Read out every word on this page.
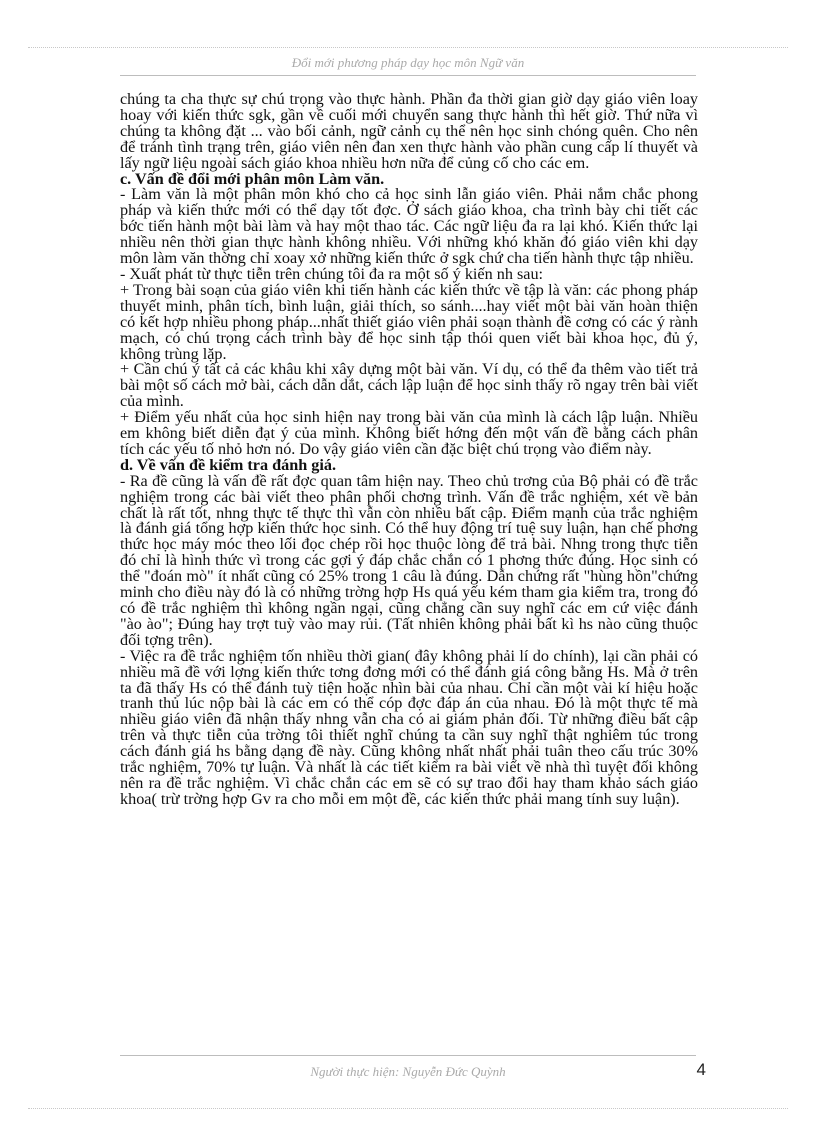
Đổi mới phương pháp dạy học môn Ngữ văn

chúng ta cha thực sự chú trọng vào thực hành. Phần đa thời gian giờ dạy giáo viên loay hoay với kiến thức sgk, gần về cuối mới chuyển sang thực hành thì hết giờ. Thứ nữa vì chúng ta không đặt ... vào bối cảnh, ngữ cảnh cụ thể nên học sinh chóng quên. Cho nên để tránh tình trạng trên, giáo viên nên đan xen thực hành vào phần cung cấp lí thuyết và lấy ngữ liệu ngoài sách giáo khoa nhiều hơn nữa để củng cố cho các em.

c. Vấn đề đổi mới phân môn Làm văn.

- Làm văn là một phân môn khó cho cả học sinh lẫn giáo viên. Phải nắm chắc phong pháp và kiến thức mới có thể dạy tốt đợc. Ở sách giáo khoa, cha trình bày chi tiết các bớc tiến hành một bài làm và hay một thao tác. Các ngữ liệu đa ra lại khó. Kiến thức lại nhiều nên thời gian thực hành không nhiều. Với những khó khăn đó giáo viên khi dạy môn làm văn thờng chỉ xoay xở những kiến thức ở sgk chứ cha tiến hành thực tập nhiều.

- Xuất phát từ thực tiễn trên chúng tôi đa ra một số ý kiến nh sau:

+ Trong bài soạn của giáo viên khi tiến hành các kiến thức về tập là văn: các phong pháp thuyết minh, phân tích, bình luận, giải thích, so sánh....hay viết một bài văn hoàn thiện có kết hợp nhiều phong pháp...nhất thiết giáo viên phải soạn thành đề cơng có các ý rành mạch, có chú trọng cách trình bày để học sinh tập thói quen viết bài khoa học, đủ ý, không trùng lặp.

+ Cần chú ý tất cả các khâu khi xây dựng một bài văn. Ví dụ, có thể đa thêm vào tiết trả bài một số cách mở bài, cách dẫn dắt, cách lập luận để học sinh thấy rõ ngay trên bài viết của mình.

+ Điểm yếu nhất của học sinh hiện nay trong bài văn của mình là cách lập luận. Nhiều em không biết diễn đạt ý của mình. Không biết hớng đến một vấn đề bằng cách phân tích các yếu tố nhỏ hơn nó. Do vậy giáo viên cần đặc biệt chú trọng vào điểm này.

d. Về vấn đề kiểm tra đánh giá.

- Ra đề cũng là vấn đề rất đợc quan tâm hiện nay. Theo chủ trơng của Bộ phải có đề trắc nghiệm trong các bài viết theo phân phối chơng trình. Vấn đề trắc nghiệm, xét về bản chất là rất tốt, nhng thực tế thực thì vẫn còn nhiều bất cập. Điểm mạnh của trắc nghiệm là đánh giá tổng hợp kiến thức học sinh. Có thể huy động trí tuệ suy luận, hạn chế phơng thức học máy móc theo lối đọc chép rồi học thuộc lòng để trả bài. Nhng trong thực tiễn đó chỉ là hình thức vì trong các gợi ý đáp chắc chắn có 1 phơng thức đúng. Học sinh có thể "đoán mò" ít nhất cũng có 25% trong 1 câu là đúng. Dẫn chứng rất "hùng hồn"chứng minh cho điều này đó là có những trờng hợp Hs quá yếu kém tham gia kiểm tra, trong đó có đề trắc nghiệm thì không ngần ngại, cũng chẳng cần suy nghĩ các em cứ việc đánh "ào ào"; Đúng hay trợt tuỳ vào may rủi. (Tất nhiên không phải bất kì hs nào cũng thuộc đối tợng trên).

- Việc ra đề trắc nghiệm tốn nhiều thời gian( đây không phải lí do chính), lại cần phải có nhiều mã đề với lợng kiến thức tơng đơng mới có thể đánh giá công bằng Hs. Mà ở trên ta đã thấy Hs có thể đánh tuỳ tiện hoặc nhìn bài của nhau. Chỉ cần một vài kí hiệu hoặc tranh thủ lúc nộp bài là các em có thể cóp đợc đáp án của nhau. Đó là một thực tế mà nhiều giáo viên đã nhận thấy nhng vẫn cha có ai giám phản đối. Từ những điều bất cập trên và thực tiễn của trờng tôi thiết nghĩ chúng ta cần suy nghĩ thật nghiêm túc trong cách đánh giá hs bằng dạng đề này. Cũng không nhất nhất phải tuân theo cấu trúc 30% trắc nghiệm, 70% tự luận. Và nhất là các tiết kiểm ra bài viết về nhà thì tuyệt đối không nên ra đề trắc nghiệm. Vì chắc chắn các em sẽ có sự trao đổi hay tham khảo sách giáo khoa( trừ trờng hợp Gv ra cho mỗi em một đề, các kiến thức phải mang tính suy luận).

Người thực hiện: Nguyễn Đức Quỳnh	4
